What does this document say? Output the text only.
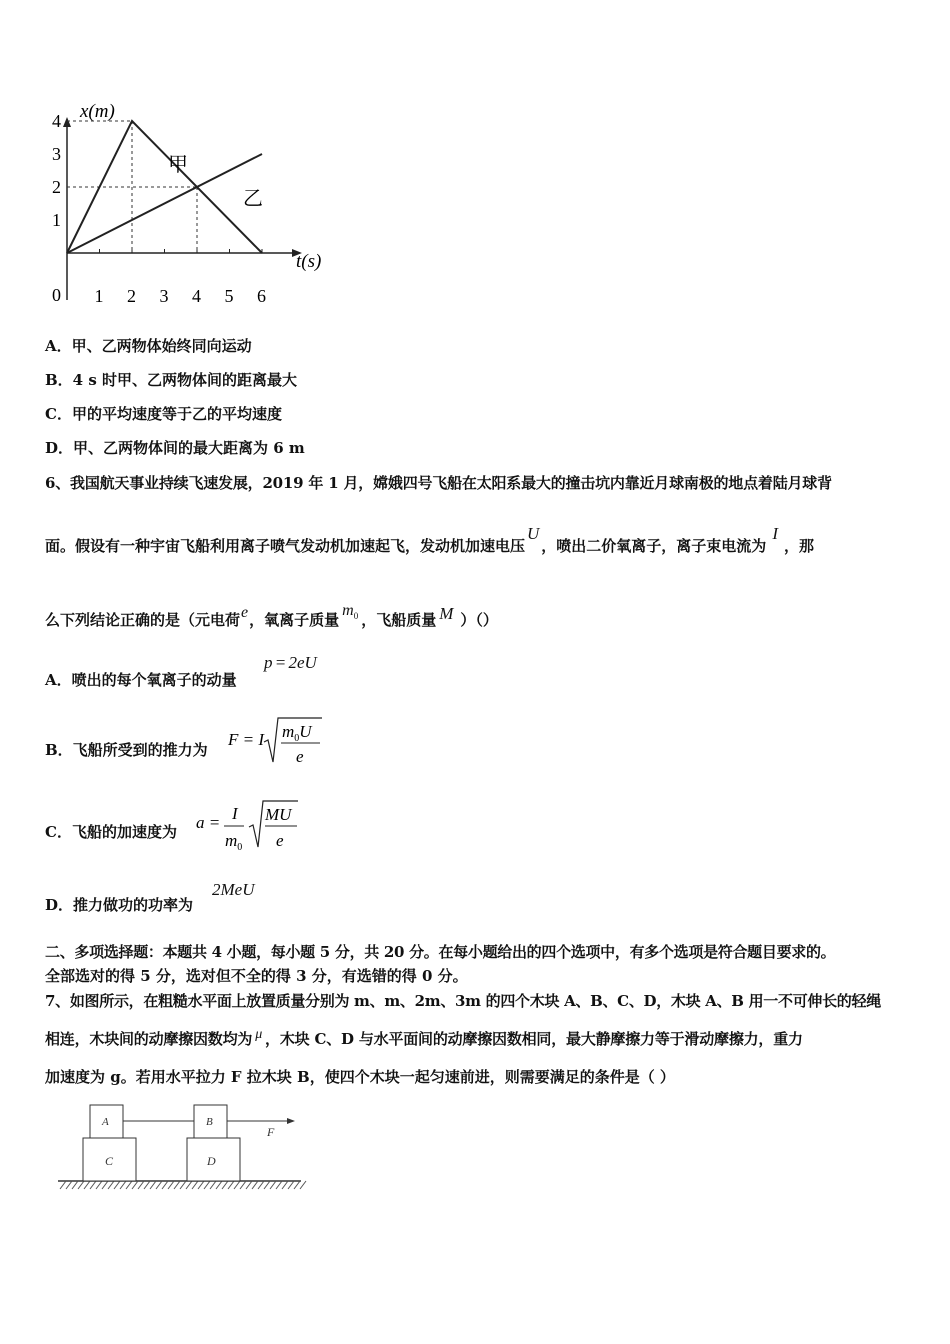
x(m)
t(s)
0
1
2
3
4
1 2 3 4 5 6
甲
乙
A．甲、乙两物体始终同向运动
B．4 s 时甲、乙两物体间的距离最大
C．甲的平均速度等于乙的平均速度
D．甲、乙两物体间的最大距离为 6 m
6、我国航天事业持续飞速发展，2019 年 1 月，嫦娥四号飞船在太阳系最大的撞击坑内靠近月球南极的地点着陆月球背
面。假设有一种宇宙飞船利用离子喷气发动机加速起飞，发动机加速电压U，喷出二价氧离子，离子束电流为I，那
么下列结论正确的是（元电荷e，氧离子质量$m_0$ ，飞船质量 M ）（）
A．喷出的每个氧离子的动量
p = 2eU
B．飞船所受到的推力为
F = I $m_0U$
e
C．飞船的加速度为 a = I
$m_0$
MU
e
D．推力做功的功率为
2MeU
二、多项选择题：本题共 4 小题，每小题 5 分，共 20 分。在每小题给出的四个选项中，有多个选项是符合题目要求的。
全部选对的得 5 分，选对但不全的得 3 分，有选错的得 0 分。
7、如图所示，在粗糙水平面上放置质量分别为 m、m、2m、3m 的四个木块 A、B、C、D，木块 A、B 用一不可伸长的轻绳
相连，木块间的动摩擦因数均为 μ ，木块 C、D 与水平面间的动摩擦因数相同，最大静摩擦力等于滑动摩擦力，重力
加速度为 g。若用水平拉力 F 拉木块 B，使四个木块一起匀速前进，则需要满足的条件是（ ）
C	D
A	B
F
